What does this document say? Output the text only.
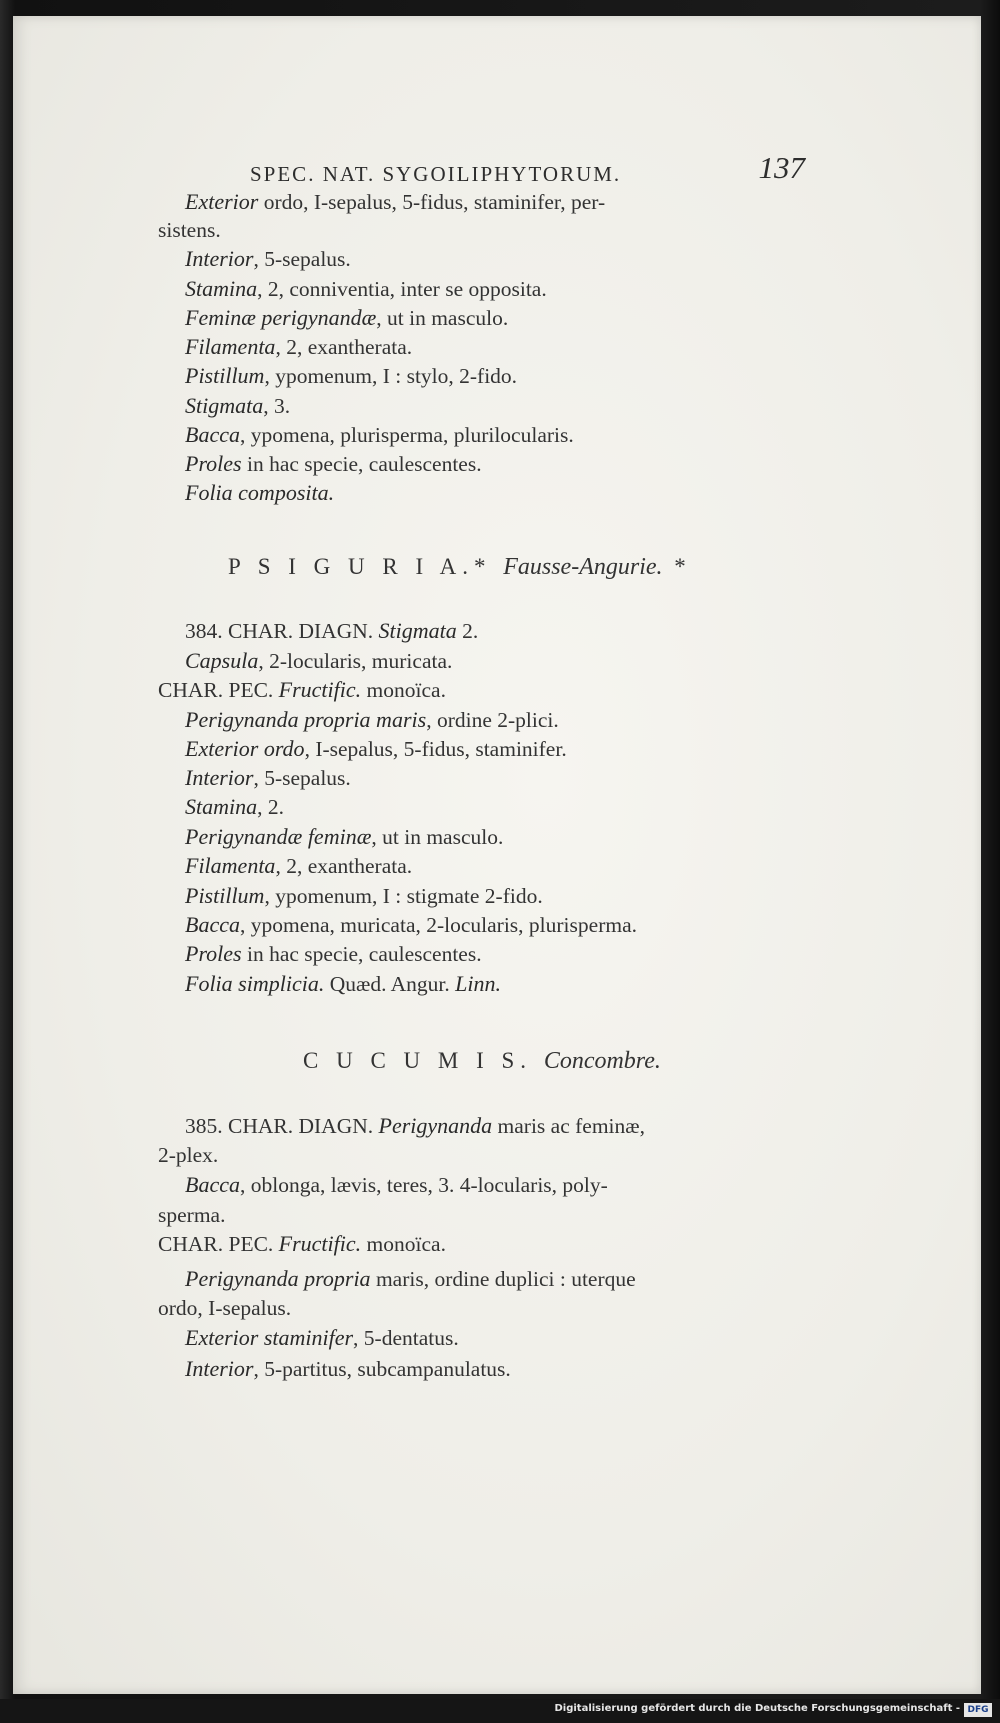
SPEC. NAT. SYGOILIPHYTORUM.	137
Exterior ordo, I-sepalus, 5-fidus, staminifer, per-
sistens.
Interior, 5-sepalus.
Stamina, 2, conniventia, inter se opposita.
Feminæ perigynandæ, ut in masculo.
Filamenta, 2, exantherata.
Pistillum, ypomenum, I : stylo, 2-fido.
Stigmata, 3.
Bacca, ypomena, plurisperma, plurilocularis.
Proles in hac specie, caulescentes.
Folia composita.
P S I G U R I A.* Fausse-Angurie. *
384. CHAR. DIAGN. Stigmata 2.
Capsula, 2-locularis, muricata.
CHAR. PEC. Fructific. monoïca.
Perigynanda propria maris, ordine 2-plici.
Exterior ordo, I-sepalus, 5-fidus, staminifer.
Interior, 5-sepalus.
Stamina, 2.
Perigynandæ feminæ, ut in masculo.
Filamenta, 2, exantherata.
Pistillum, ypomenum, I : stigmate 2-fido.
Bacca, ypomena, muricata, 2-locularis, plurisperma.
Proles in hac specie, caulescentes.
Folia simplicia. Quæd. Angur. Linn.
C U C U M I S. Concombre.
385. CHAR. DIAGN. Perigynanda maris ac feminæ,
2-plex.
Bacca, oblonga, lævis, teres, 3. 4-locularis, poly-
sperma.
CHAR. PEC. Fructific. monoïca.
Perigynanda propria maris, ordine duplici : uterque
ordo, I-sepalus.
Exterior staminifer, 5-dentatus.
Interior, 5-partitus, subcampanulatus.
Digitalisierung gefördert durch die Deutsche Forschungsgemeinschaft - DFG
